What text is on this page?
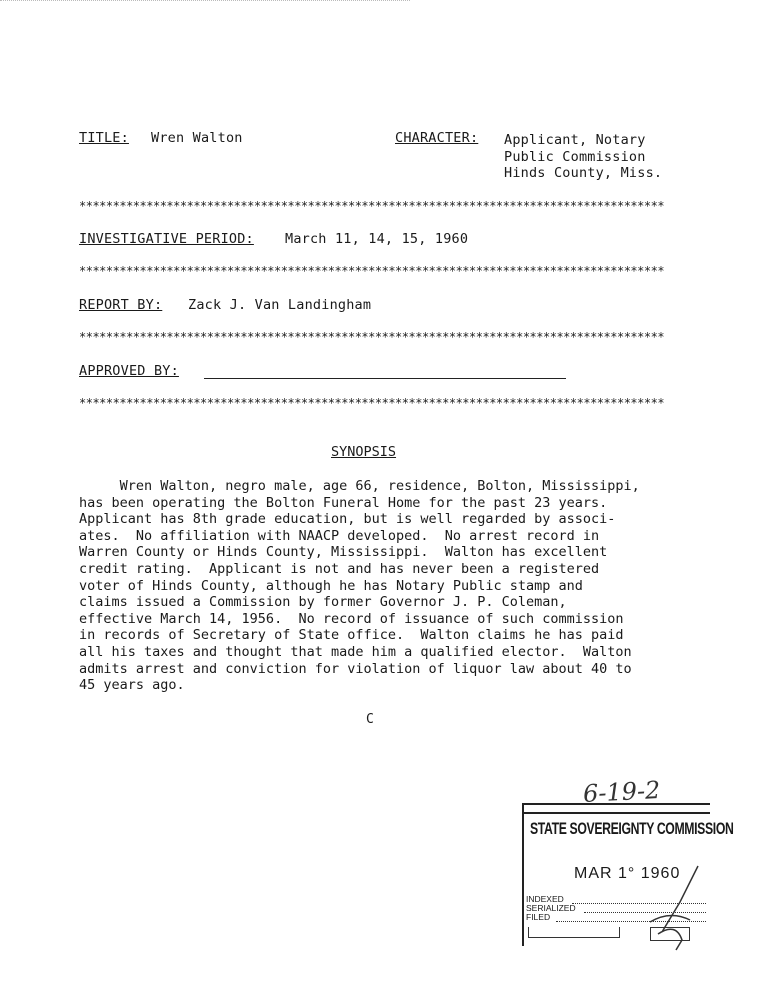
TITLE: Wren Walton	CHARACTER: Applicant, Notary
Public Commission
Hinds County, Miss.
***************************************************************************************
INVESTIGATIVE PERIOD: March 11, 14, 15, 1960
***************************************************************************************
REPORT BY: Zack J. Van Landingham
***************************************************************************************
APPROVED BY:
***************************************************************************************
SYNOPSIS
Wren Walton, negro male, age 66, residence, Bolton, Mississippi,
has been operating the Bolton Funeral Home for the past 23 years.
Applicant has 8th grade education, but is well regarded by associ-
ates.  No affiliation with NAACP developed.  No arrest record in
Warren County or Hinds County, Mississippi.  Walton has excellent
credit rating.  Applicant is not and has never been a registered
voter of Hinds County, although he has Notary Public stamp and
claims issued a Commission by former Governor J. P. Coleman,
effective March 14, 1956.  No record of issuance of such commission
in records of Secretary of State office.  Walton claims he has paid
all his taxes and thought that made him a qualified elector.  Walton
admits arrest and conviction for violation of liquor law about 40 to
45 years ago.
C
6-19-2
STATE SOVEREIGNTY COMMISSION
MAR 1° 1960
INDEXED
SERIALIZED
FILED
